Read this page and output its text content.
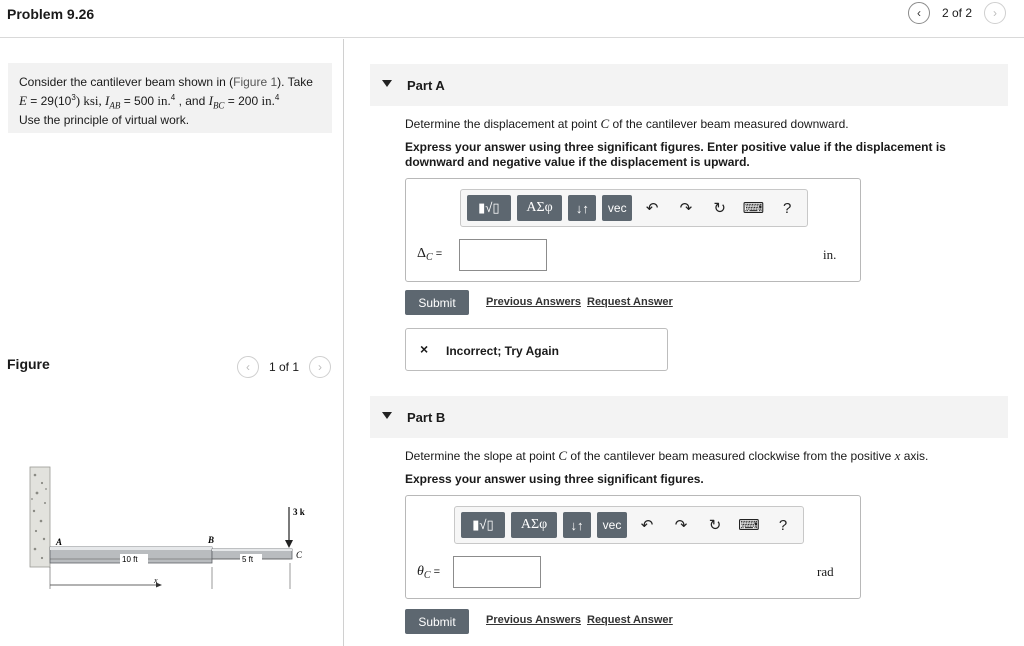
Problem 9.26	‹ 2 of 2 ›
Consider the cantilever beam shown in (Figure 1). Take
$E = 29(10^3)$ ksi, $I_{AB} = 500$ in.$^4$ , and $I_{BC} = 200$ in.$^4$
Use the principle of virtual work.
Figure	‹ 1 of 1 ›
3 k
A	B
C
x
10 ft	5 ft
Part A
Determine the displacement at point C of the cantilever beam measured downward.
Express your answer using three significant figures. Enter positive value if the displacement is downward and negative value if the displacement is upward.
▮√▯ ΑΣφ ↓↑ vec ↶ ↷ ↻ ⌨ ?
$\Delta_C$ =	in.
Submit	Previous Answers Request Answer
× Incorrect; Try Again
Part B
Determine the slope at point C of the cantilever beam measured clockwise from the positive x axis.
Express your answer using three significant figures.
▮√▯ ΑΣφ ↓↑ vec ↶ ↷ ↻ ⌨ ?
$\theta_C$ =	rad
Submit	Previous Answers Request Answer
